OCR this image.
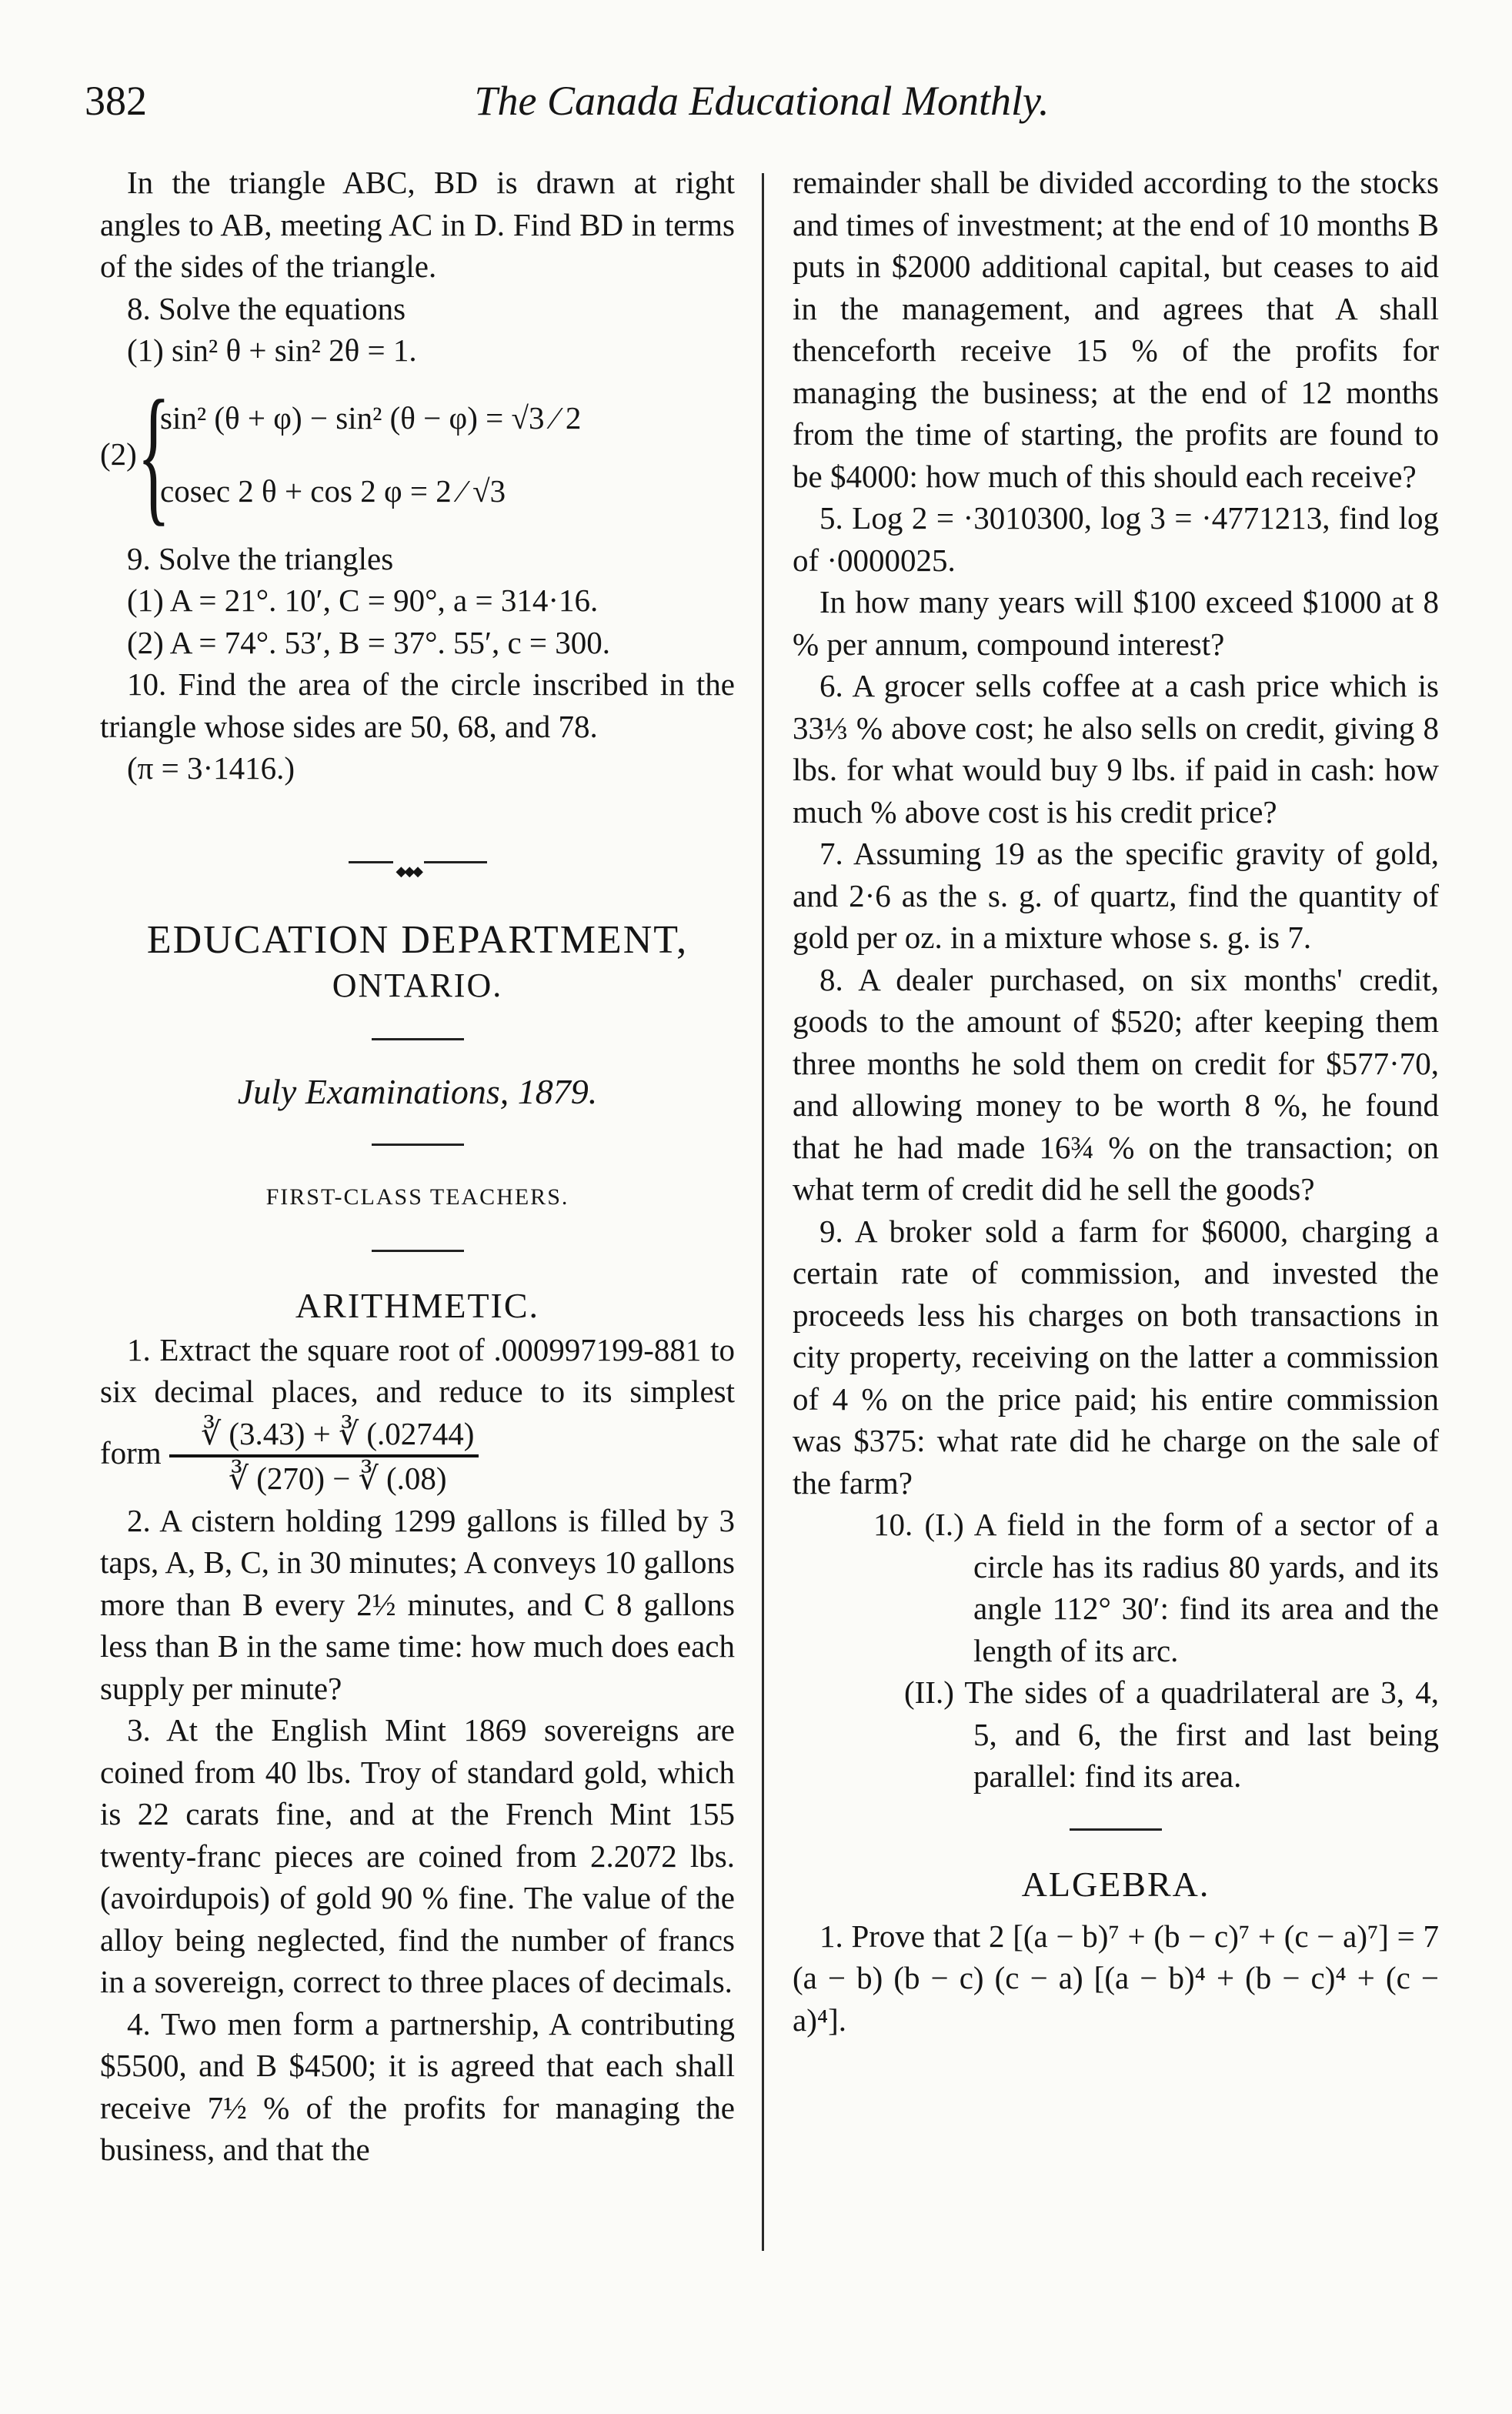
The Canada Educational Monthly.
382

In the triangle ABC, BD is drawn at right angles to AB, meeting AC in D. Find BD in terms of the sides of the triangle.

8. Solve the equations

(1) sin² θ + sin² 2θ = 1.

(2) {
sin² (θ + φ) − sin² (θ − φ) = √3 ⁄ 2
cosec 2 θ + cos 2 φ = 2 ⁄ √3

9. Solve the triangles

(1) A = 21°. 10′, C = 90°, a = 314·16.

(2) A = 74°. 53′, B = 37°. 55′, c = 300.

10. Find the area of the circle inscribed in the triangle whose sides are 50, 68, and 78.

(π = 3·1416.)

◆◆◆
EDUCATION DEPARTMENT,
ONTARIO.
July Examinations, 1879.
FIRST-CLASS TEACHERS.
ARITHMETIC.

1. Extract the square root of .000997199-881 to six decimal places, and reduce to its simplest form $\frac{∛ (3.43) + ∛ (.02744)}{∛ (270) - ∛ (.08)}$

2. A cistern holding 1299 gallons is filled by 3 taps, A, B, C, in 30 minutes; A conveys 10 gallons more than B every 2½ minutes, and C 8 gallons less than B in the same time: how much does each supply per minute?

3. At the English Mint 1869 sovereigns are coined from 40 lbs. Troy of standard gold, which is 22 carats fine, and at the French Mint 155 twenty-franc pieces are coined from 2.2072 lbs. (avoirdupois) of gold 90 % fine. The value of the alloy being neglected, find the number of francs in a sovereign, correct to three places of decimals.

4. Two men form a partnership, A contributing $5500, and B $4500; it is agreed that each shall receive 7½ % of the profits for managing the business, and that the

remainder shall be divided according to the stocks and times of investment; at the end of 10 months B puts in $2000 additional capital, but ceases to aid in the management, and agrees that A shall thenceforth receive 15 % of the profits for managing the business; at the end of 12 months from the time of starting, the profits are found to be $4000: how much of this should each receive?

5. Log 2 = ·3010300, log 3 = ·4771213, find log of ·0000025.

In how many years will $100 exceed $1000 at 8 % per annum, compound interest?

6. A grocer sells coffee at a cash price which is 33⅓ % above cost; he also sells on credit, giving 8 lbs. for what would buy 9 lbs. if paid in cash: how much % above cost is his credit price?

7. Assuming 19 as the specific gravity of gold, and 2·6 as the s. g. of quartz, find the quantity of gold per oz. in a mixture whose s. g. is 7.

8. A dealer purchased, on six months' credit, goods to the amount of $520; after keeping them three months he sold them on credit for $577·70, and allowing money to be worth 8 %, he found that he had made 16¾ % on the transaction; on what term of credit did he sell the goods?

9. A broker sold a farm for $6000, charging a certain rate of commission, and invested the proceeds less his charges on both transactions in city property, receiving on the latter a commission of 4 % on the price paid; his entire commission was $375: what rate did he charge on the sale of the farm?

10. (I.) A field in the form of a sector of a circle has its radius 80 yards, and its angle 112° 30′: find its area and the length of its arc.

(II.) The sides of a quadrilateral are 3, 4, 5, and 6, the first and last being parallel: find its area.

ALGEBRA.

1. Prove that 2 [(a − b)⁷ + (b − c)⁷ + (c − a)⁷] = 7 (a − b) (b − c) (c − a) [(a − b)⁴ + (b − c)⁴ + (c − a)⁴].
